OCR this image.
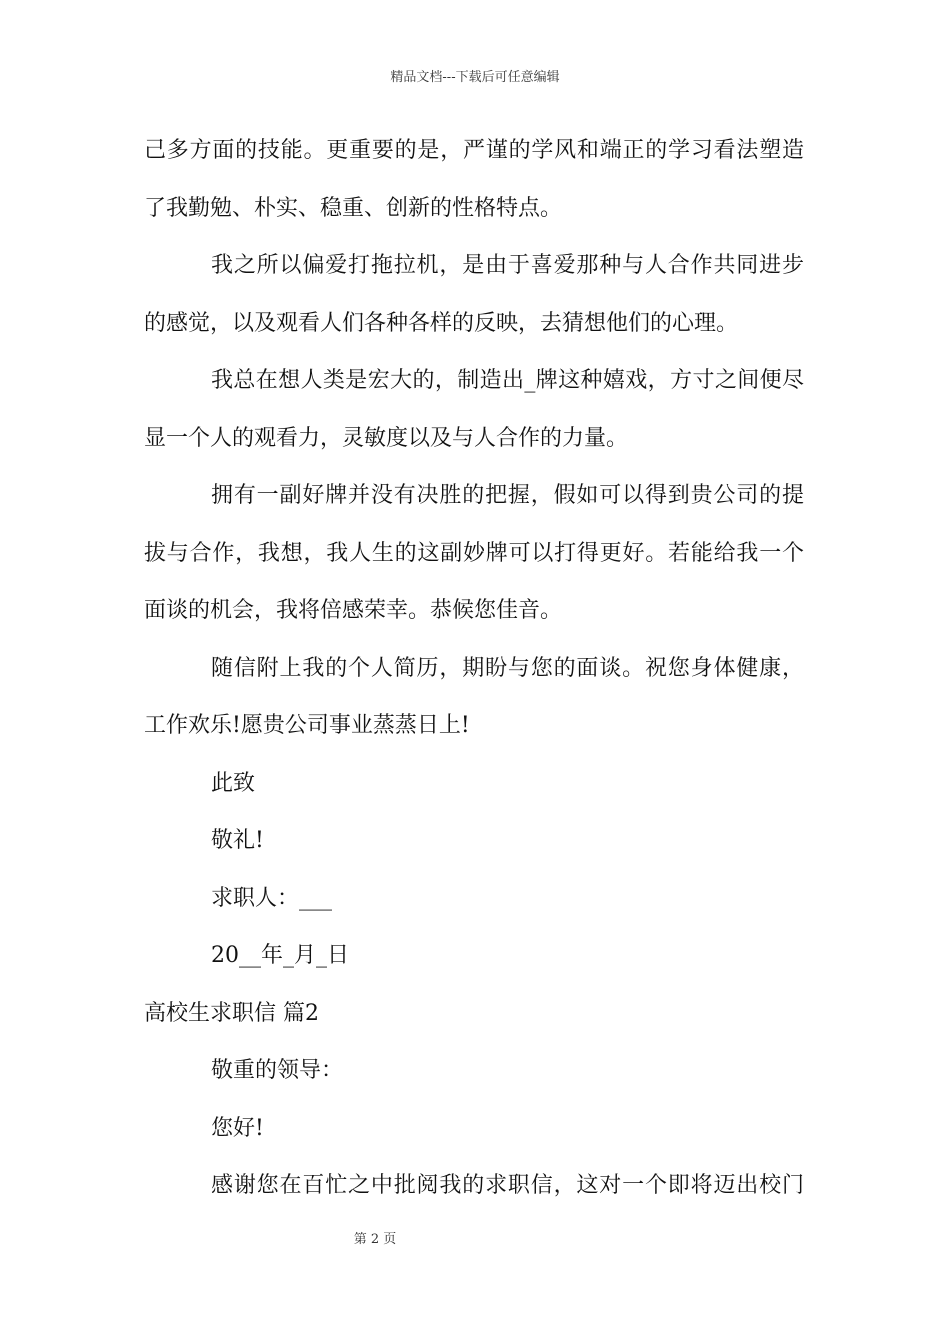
精品文档---下载后可任意编辑
己多方面的技能。更重要的是，严谨的学风和端正的学习看法塑造
了我勤勉、朴实、稳重、创新的性格特点。
我之所以偏爱打拖拉机，是由于喜爱那种与人合作共同进步
的感觉，以及观看人们各种各样的反映，去猜想他们的心理。
我总在想人类是宏大的，制造出_牌这种嬉戏，方寸之间便尽
显一个人的观看力，灵敏度以及与人合作的力量。
拥有一副好牌并没有决胜的把握，假如可以得到贵公司的提
拔与合作，我想，我人生的这副妙牌可以打得更好。若能给我一个
面谈的机会，我将倍感荣幸。恭候您佳音。
随信附上我的个人简历，期盼与您的面谈。祝您身体健康，
工作欢乐!愿贵公司事业蒸蒸日上!
此致
敬礼!
求职人：___
20__年_月_日
高校生求职信 篇2
敬重的领导：
您好!
感谢您在百忙之中批阅我的求职信，这对一个即将迈出校门
第 2 页
